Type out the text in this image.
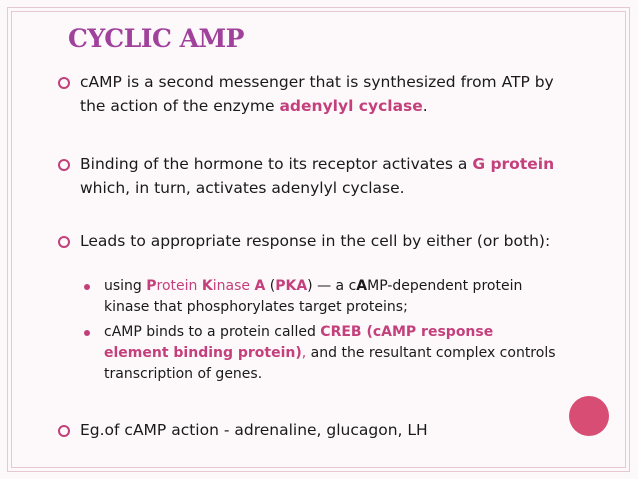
CYCLIC AMP
cAMP is a second messenger that is synthesized from ATP by the action of the enzyme adenylyl cyclase.
Binding of the hormone to its receptor activates a G protein which, in turn, activates adenylyl cyclase.
Leads to appropriate response in the cell by either (or both):
using Protein Kinase A (PKA) — a cAMP-dependent protein kinase that phosphorylates target proteins;
cAMP binds to a protein called CREB (cAMP response element binding protein), and the resultant complex controls transcription of genes.
Eg.of cAMP action - adrenaline, glucagon, LH
